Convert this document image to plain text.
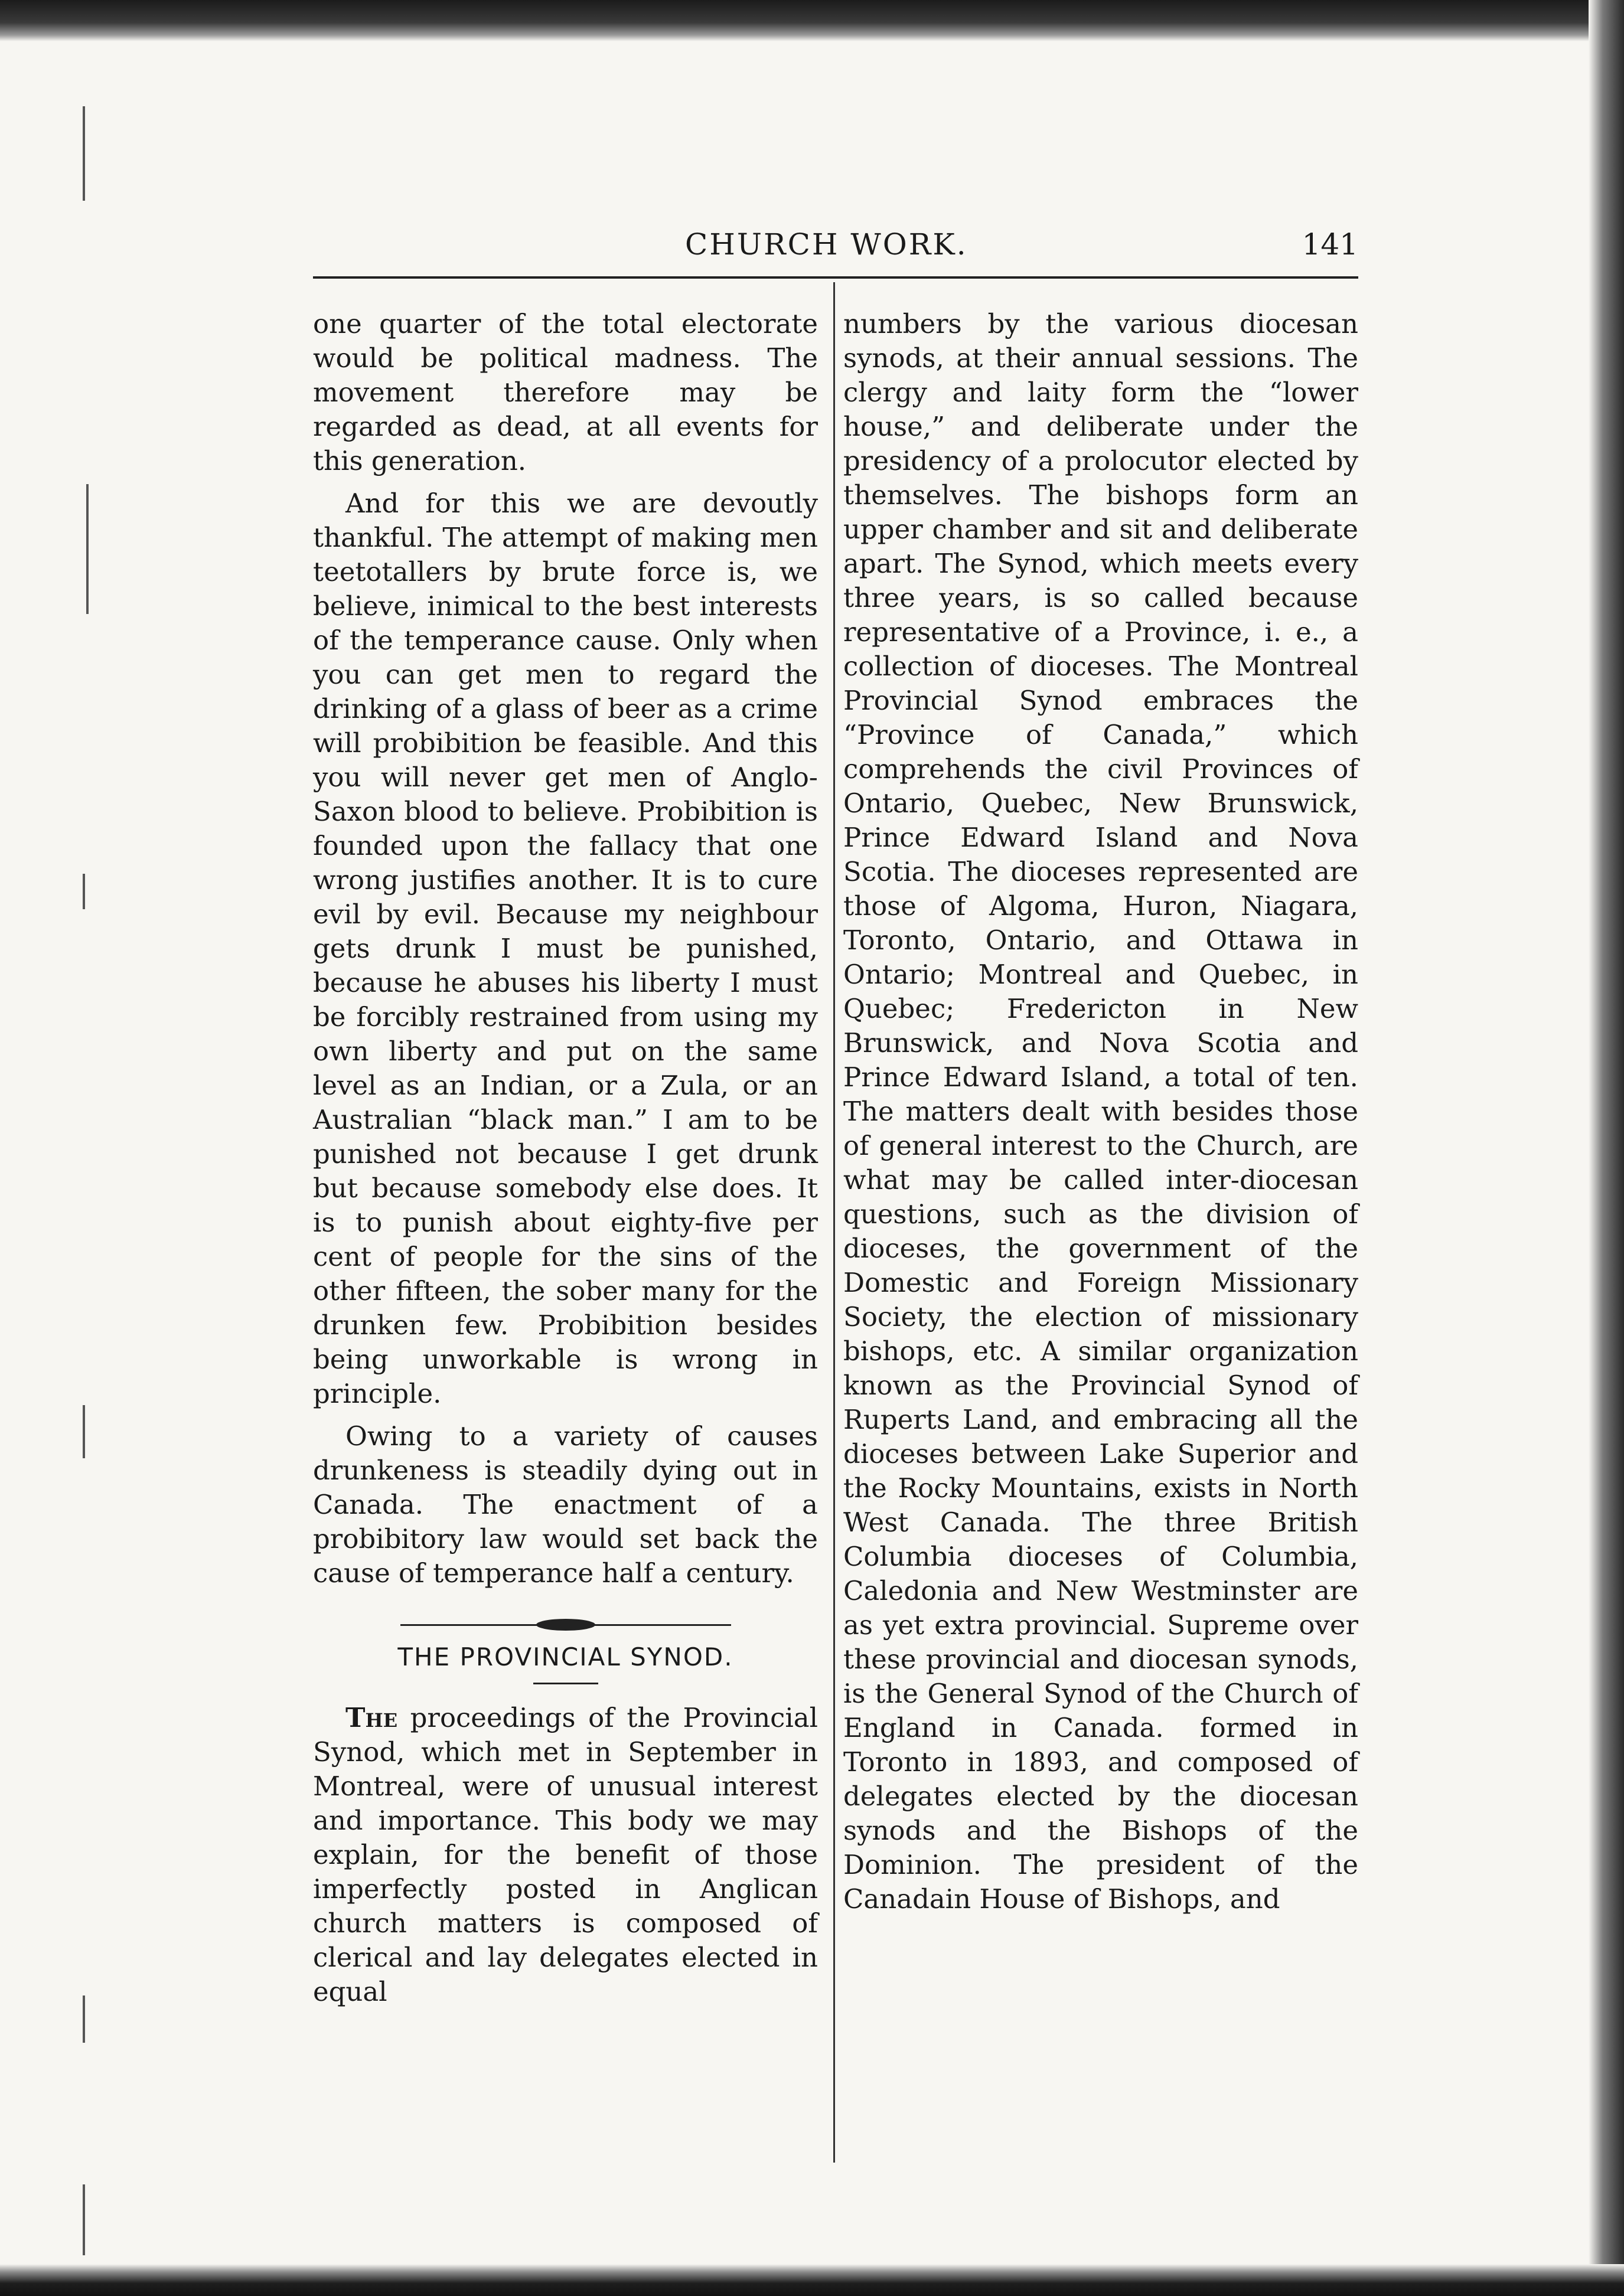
CHURCH WORK.	141

one quarter of the total electorate would be political madness. The movement therefore may be regarded as dead, at all events for this generation.

And for this we are devoutly thankful. The attempt of making men teetotallers by brute force is, we believe, inimical to the best interests of the temperance cause. Only when you can get men to regard the drinking of a glass of beer as a crime will probibition be feasible. And this you will never get men of Anglo-Saxon blood to believe. Probibition is founded upon the fallacy that one wrong justifies another. It is to cure evil by evil. Because my neighbour gets drunk I must be punished, because he abuses his liberty I must be forcibly restrained from using my own liberty and put on the same level as an Indian, or a Zula, or an Australian “black man.” I am to be punished not because I get drunk but because somebody else does. It is to punish about eighty-five per cent of people for the sins of the other fifteen, the sober many for the drunken few. Probibition besides being unworkable is wrong in principle.

Owing to a variety of causes drunkeness is steadily dying out in Canada. The enactment of a probibitory law would set back the cause of temperance half a century.

THE PROVINCIAL SYNOD.

The proceedings of the Provincial Synod, which met in September in Montreal, were of unusual interest and importance. This body we may explain, for the benefit of those imperfectly posted in Anglican church matters is composed of clerical and lay delegates elected in equal

numbers by the various diocesan synods, at their annual sessions. The clergy and laity form the “lower house,” and deliberate under the presidency of a prolocutor elected by themselves. The bishops form an upper chamber and sit and deliberate apart. The Synod, which meets every three years, is so called because representative of a Province, i. e., a collection of dioceses. The Montreal Provincial Synod embraces the “Province of Canada,” which comprehends the civil Provinces of Ontario, Quebec, New Brunswick, Prince Edward Island and Nova Scotia. The dioceses represented are those of Algoma, Huron, Niagara, Toronto, Ontario, and Ottawa in Ontario; Montreal and Quebec, in Quebec; Fredericton in New Brunswick, and Nova Scotia and Prince Edward Island, a total of ten. The matters dealt with besides those of general interest to the Church, are what may be called inter-diocesan questions, such as the division of dioceses, the government of the Domestic and Foreign Missionary Society, the election of missionary bishops, etc. A similar organization known as the Provincial Synod of Ruperts Land, and embracing all the dioceses between Lake Superior and the Rocky Mountains, exists in North West Canada. The three British Columbia dioceses of Columbia, Caledonia and New Westminster are as yet extra provincial. Supreme over these provincial and diocesan synods, is the General Synod of the Church of England in Canada. formed in Toronto in 1893, and composed of delegates elected by the diocesan synods and the Bishops of the Dominion. The president of the Canadain House of Bishops, and
